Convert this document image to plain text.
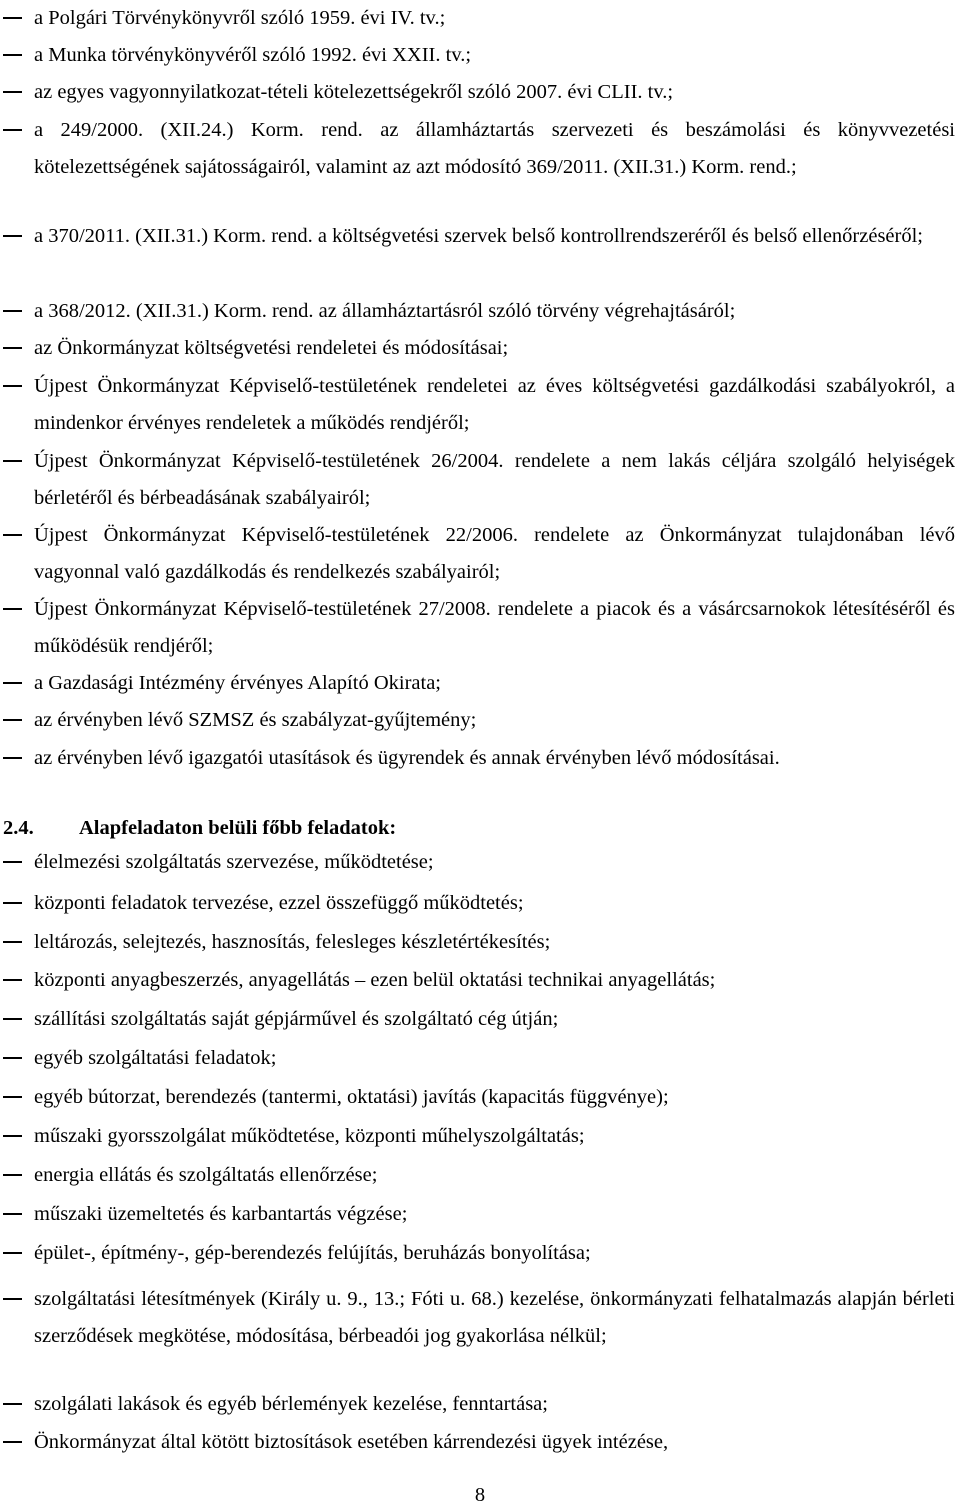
a Polgári Törvénykönyvről szóló 1959. évi IV. tv.;

a Munka törvénykönyvéről szóló 1992. évi XXII. tv.;

az egyes vagyonnyilatkozat-tételi kötelezettségekről szóló 2007. évi CLII. tv.;

a 249/2000. (XII.24.) Korm. rend. az államháztartás szervezeti és beszámolási és könyvvezetési kötelezettségének sajátosságairól, valamint az azt módosító 369/2011. (XII.31.) Korm. rend.;

a 370/2011. (XII.31.) Korm. rend. a költségvetési szervek belső kontrollrendszeréről és belső ellenőrzéséről;

a 368/2012. (XII.31.) Korm. rend. az államháztartásról szóló törvény végrehajtásáról;

az Önkormányzat költségvetési rendeletei és módosításai;

Újpest Önkormányzat Képviselő-testületének rendeletei az éves költségvetési gazdálkodási szabályokról, a mindenkor érvényes rendeletek a működés rendjéről;

Újpest Önkormányzat Képviselő-testületének 26/2004. rendelete a nem lakás céljára szolgáló helyiségek bérletéről és bérbeadásának szabályairól;

Újpest Önkormányzat Képviselő-testületének 22/2006. rendelete az Önkormányzat tulajdonában lévő vagyonnal való gazdálkodás és rendelkezés szabályairól;

Újpest Önkormányzat Képviselő-testületének 27/2008. rendelete a piacok és a vásárcsarnokok létesítéséről és működésük rendjéről;

a Gazdasági Intézmény érvényes Alapító Okirata;

az érvényben lévő SZMSZ és szabályzat-gyűjtemény;

az érvényben lévő igazgatói utasítások és ügyrendek és annak érvényben lévő módosításai.

2.4. Alapfeladaton belüli főbb feladatok:

élelmezési szolgáltatás szervezése, működtetése;

központi feladatok tervezése, ezzel összefüggő működtetés;

leltározás, selejtezés, hasznosítás, felesleges készletértékesítés;

központi anyagbeszerzés, anyagellátás – ezen belül oktatási technikai anyagellátás;

szállítási szolgáltatás saját gépjárművel és szolgáltató cég útján;

egyéb szolgáltatási feladatok;

egyéb bútorzat, berendezés (tantermi, oktatási) javítás (kapacitás függvénye);

műszaki gyorsszolgálat működtetése, központi műhelyszolgáltatás;

energia ellátás és szolgáltatás ellenőrzése;

műszaki üzemeltetés és karbantartás végzése;

épület-, építmény-, gép-berendezés felújítás, beruházás bonyolítása;

szolgáltatási létesítmények (Király u. 9., 13.; Fóti u. 68.) kezelése, önkormányzati felhatalmazás alapján bérleti szerződések megkötése, módosítása, bérbeadói jog gyakorlása nélkül;

szolgálati lakások és egyéb bérlemények kezelése, fenntartása;

Önkormányzat által kötött biztosítások esetében kárrendezési ügyek intézése,

8
